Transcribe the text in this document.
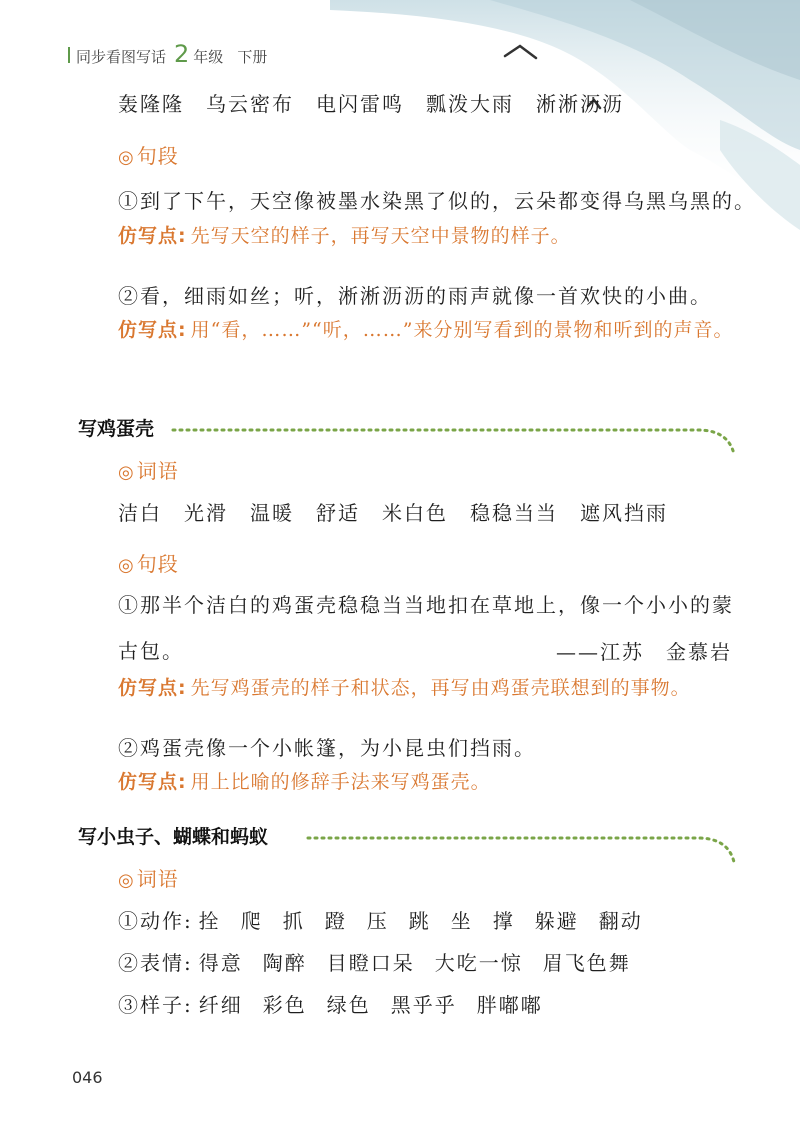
同步看图写话 2 年级 下册
轰隆隆 乌云密布 电闪雷鸣 瓢泼大雨 淅淅沥沥
◎ 句段
①到了下午，天空像被墨水染黑了似的，云朵都变得乌黑乌黑的。
仿写点: 先写天空的样子，再写天空中景物的样子。
②看，细雨如丝；听，淅淅沥沥的雨声就像一首欢快的小曲。
仿写点: 用“看，……”“听，……”来分别写看到的景物和听到的声音。
写鸡蛋壳
◎ 词语
洁白 光滑 温暖 舒适 米白色 稳稳当当 遮风挡雨
◎ 句段
①那半个洁白的鸡蛋壳稳稳当当地扣在草地上，像一个小小的蒙古包。	——江苏　金慕岩
仿写点: 先写鸡蛋壳的样子和状态，再写由鸡蛋壳联想到的事物。
②鸡蛋壳像一个小帐篷，为小昆虫们挡雨。
仿写点: 用上比喻的修辞手法来写鸡蛋壳。
写小虫子、蝴蝶和蚂蚁
◎ 词语
①动作: 拴 爬 抓 蹬 压 跳 坐 撑 躲避 翻动
②表情: 得意 陶醉 目瞪口呆 大吃一惊 眉飞色舞
③样子: 纤细 彩色 绿色 黑乎乎 胖嘟嘟
046
